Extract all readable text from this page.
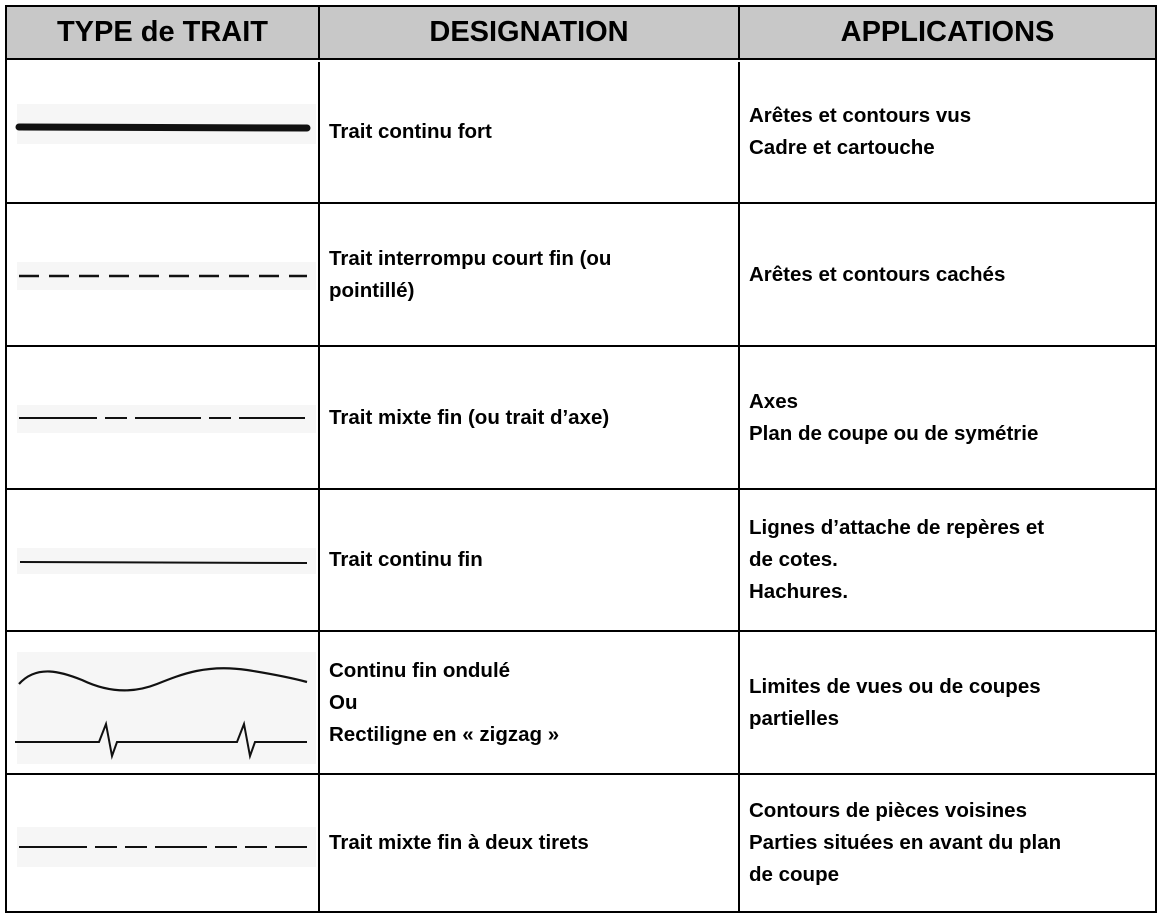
TYPE de TRAIT	DESIGNATION	APPLICATIONS
Trait continu fort
Arêtes et contours vus
Cadre et cartouche
Trait interrompu court fin (ou
pointillé)
Arêtes et contours cachés
Trait mixte fin (ou trait d’axe)
Axes
Plan de coupe ou de symétrie
Trait continu fin
Lignes d’attache de repères et
de cotes.
Hachures.
Continu fin ondulé
Ou
Rectiligne en « zigzag »
Limites de vues ou de coupes
partielles
Trait mixte fin à deux tirets
Contours de pièces voisines
Parties situées en avant du plan
de coupe
